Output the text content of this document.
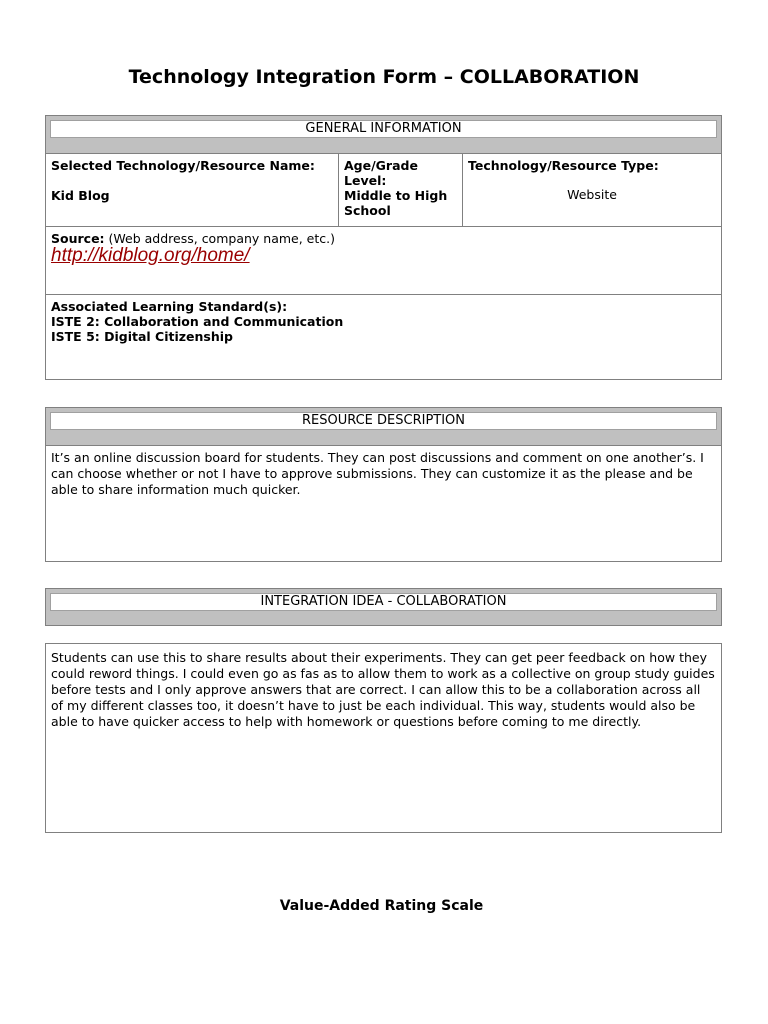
Technology Integration Form – COLLABORATION
GENERAL INFORMATION
Selected Technology/Resource Name:
Kid Blog
Age/Grade Level:
Middle to High School
Technology/Resource Type:
Website
Source: (Web address, company name, etc.)
http://kidblog.org/home/
Associated Learning Standard(s):
ISTE 2: Collaboration and Communication
ISTE 5: Digital Citizenship
RESOURCE DESCRIPTION
It’s an online discussion board for students. They can post discussions and comment on one another’s. I can choose whether or not I have to approve submissions. They can customize it as the please and be able to share information much quicker.
INTEGRATION IDEA - COLLABORATION
Students can use this to share results about their experiments. They can get peer feedback on how they could reword things. I could even go as fas as to allow them to work as a collective on group study guides before tests and I only approve answers that are correct. I can allow this to be a collaboration across all of my different classes too, it doesn’t have to just be each individual. This way, students would also be able to have quicker access to help with homework or questions before coming to me directly.
Value-Added Rating Scale
